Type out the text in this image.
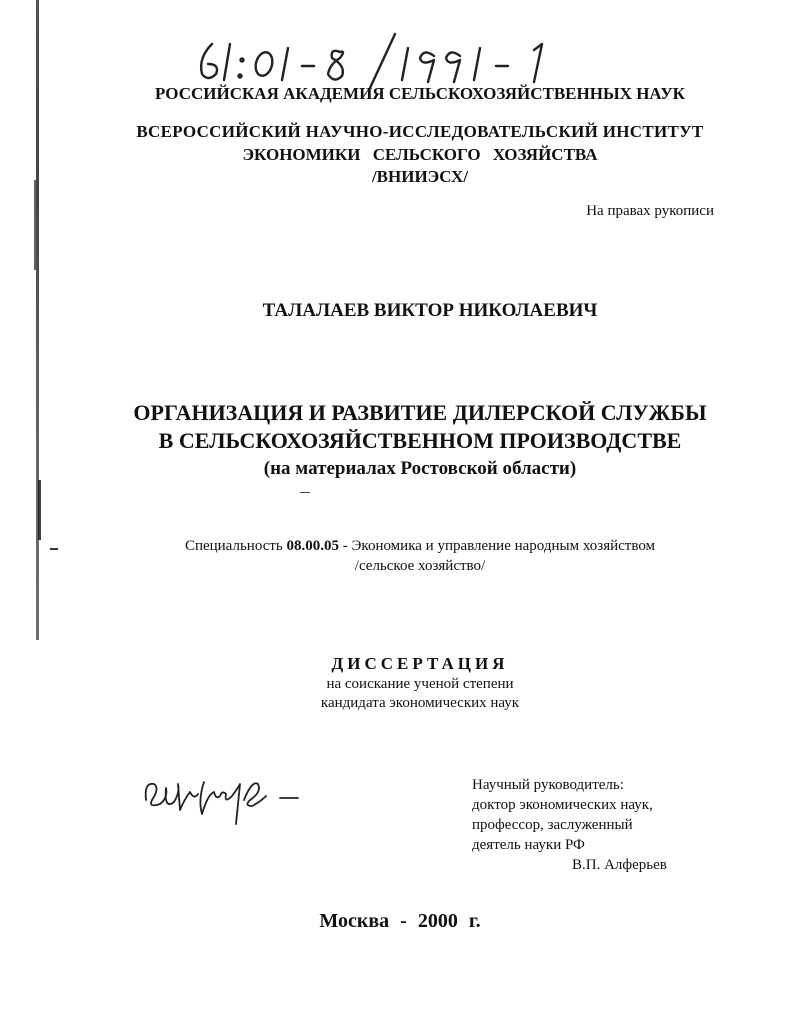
РОССИЙСКАЯ АКАДЕМИЯ СЕЛЬСКОХОЗЯЙСТВЕННЫХ НАУК
ВСЕРОССИЙСКИЙ НАУЧНО-ИССЛЕДОВАТЕЛЬСКИЙ ИНСТИТУТ
ЭКОНОМИКИ СЕЛЬСКОГО ХОЗЯЙСТВА
/ВНИИЭСХ/
На правах рукописи
ТАЛАЛАЕВ ВИКТОР НИКОЛАЕВИЧ
ОРГАНИЗАЦИЯ И РАЗВИТИЕ ДИЛЕРСКОЙ СЛУЖБЫ
В СЕЛЬСКОХОЗЯЙСТВЕННОМ ПРОИЗВОДСТВЕ
(на материалах Ростовской области)
Специальность 08.00.05 - Экономика и управление народным хозяйством
/сельское хозяйство/
ДИССЕРТАЦИЯ
на соискание ученой степени
кандидата экономических наук
Научный руководитель:
доктор экономических наук,
профессор, заслуженный
деятель науки РФ
В.П. Алферьев
Москва - 2000 г.
